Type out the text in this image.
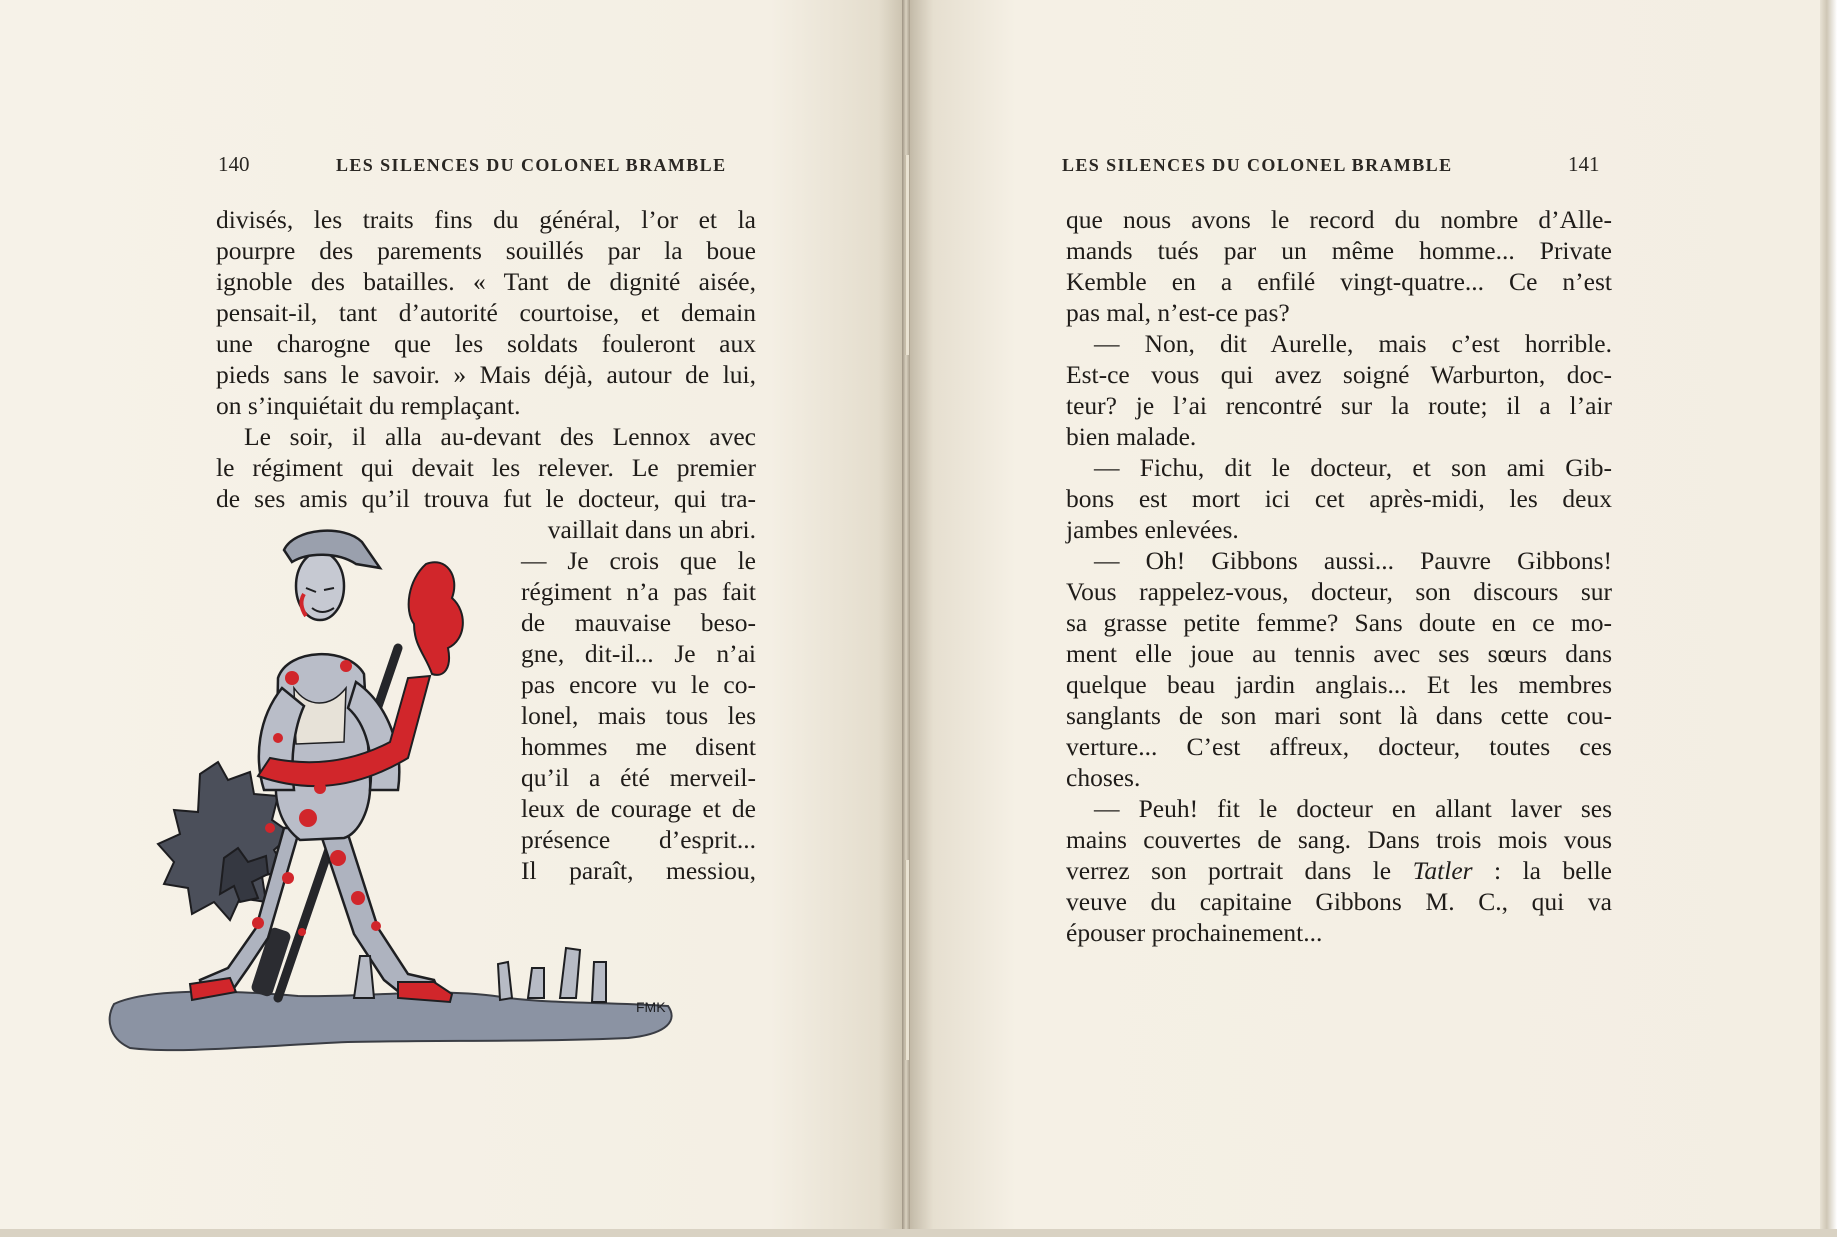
140	LES SILENCES DU COLONEL BRAMBLE
divisés, les traits fins du général, l’or et la
pourpre des parements souillés par la boue
ignoble des batailles. « Tant de dignité aisée,
pensait-il, tant d’autorité courtoise, et demain
une charogne que les soldats fouleront aux
pieds sans le savoir. » Mais déjà, autour de lui,
on s’inquiétait du remplaçant.
Le soir, il alla au-devant des Lennox avec
le régiment qui devait les relever. Le premier
de ses amis qu’il trouva fut le docteur, qui tra-
vaillait dans un abri.
— Je crois que le
régiment n’a pas fait
de mauvaise beso-
gne, dit-il... Je n’ai
pas encore vu le co-
lonel, mais tous les
hommes me disent
qu’il a été merveil-
leux de courage et de
présence d’esprit...
Il paraît, messiou,
FMK
LES SILENCES DU COLONEL BRAMBLE	141
que nous avons le record du nombre d’Alle-
mands tués par un même homme... Private
Kemble en a enfilé vingt-quatre... Ce n’est
pas mal, n’est-ce pas?
— Non, dit Aurelle, mais c’est horrible.
Est-ce vous qui avez soigné Warburton, doc-
teur? je l’ai rencontré sur la route; il a l’air
bien malade.
— Fichu, dit le docteur, et son ami Gib-
bons est mort ici cet après-midi, les deux
jambes enlevées.
— Oh! Gibbons aussi... Pauvre Gibbons!
Vous rappelez-vous, docteur, son discours sur
sa grasse petite femme? Sans doute en ce mo-
ment elle joue au tennis avec ses sœurs dans
quelque beau jardin anglais... Et les membres
sanglants de son mari sont là dans cette cou-
verture... C’est affreux, docteur, toutes ces
choses.
— Peuh! fit le docteur en allant laver ses
mains couvertes de sang. Dans trois mois vous
verrez son portrait dans le Tatler : la belle
veuve du capitaine Gibbons M. C., qui va
épouser prochainement...
